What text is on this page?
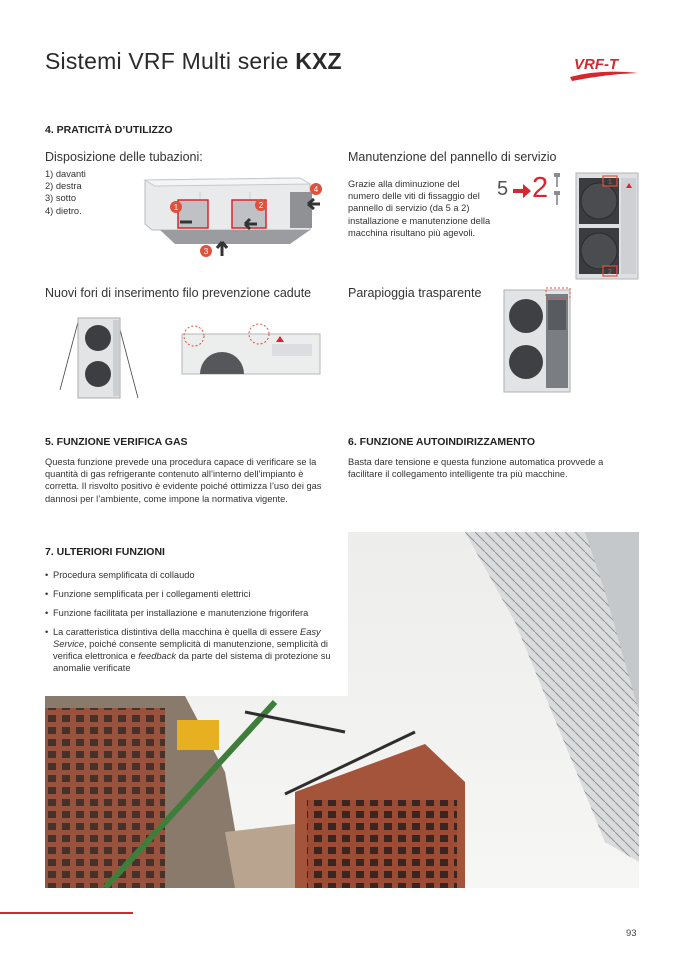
Sistemi VRF Multi serie KXZ	VRF-T
4. PRATICITÀ D’UTILIZZO
Disposizione delle tubazioni:
1) davanti
2) destra
3) sotto
4) dietro.	1	2
3
4
Manutenzione del pannello di servizio
Grazie alla diminuzione del numero delle viti di fissaggio del pannello di servizio (da 5 a 2) installazione e manutenzione della macchina risultano più agevoli.
5 2	1
2
Nuovi fori di inserimento filo prevenzione cadute	Parapioggia trasparente
5. FUNZIONE VERIFICA GAS
Questa funzione prevede una procedura capace di verificare se la quantità di gas refrigerante contenuto all’interno dell’impianto è corretta. Il risvolto positivo è evidente poiché ottimizza l’uso dei gas dannosi per l’ambiente, come impone la normativa vigente.
6. FUNZIONE AUTOINDIRIZZAMENTO
Basta dare tensione e questa funzione automatica provvede a facilitare il collegamento intelligente tra più macchine.
7. ULTERIORI FUNZIONI
• Procedura semplificata di collaudo
• Funzione semplificata per i collegamenti elettrici
• Funzione facilitata per installazione e manutenzione frigorifera
• La caratteristica distintiva della macchina è quella di essere Easy Service, poiché consente semplicità di manutenzione, semplicità di verifica elettronica e feedback da parte del sistema di protezione su anomalie verificate
93
